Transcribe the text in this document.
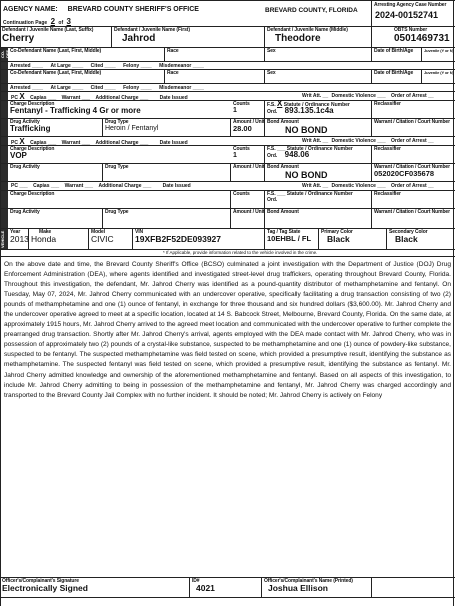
AGENCY NAME: BREVARD COUNTY SHERIFF'S OFFICE
Continuation Page 2 of 3
BREVARD COUNTY, FLORIDA
Arresting Agency Case Number
2024-00152741
Defendant / Juvenile Name (Last, Suffix)
Cherry
Defendant / Juvenile Name (First)
Jahrod
Defendant / Juvenile Name (Middle)
Theodore
OBTS Number
0501469731
CO-DEF Co-Defendant Name (Last, First, Middle)	Race	Sex	Date of Birth/Age	Juvenile (Y or N)
Arrested ____ At Large ____ Cited ____ Felony ____ Misdemeanor ____
Co-Defendant Name (Last, First, Middle)	Race	Sex	Date of Birth/Age	Juvenile (Y or N)
Arrested ____ At Large ____ Cited ____ Felony ____ Misdemeanor ____
PC X Capias ___ Warrant ___ Additional Charge ___ Date Issued	Writ Att. __ Domestic Violence ___ Order of Arrest __
Charge Description
Fentanyl - Trafficking 4 Gr or more
Counts
1
F.S. X Statute / Ordinance Number
Ord. 893.135.1c4a
Reclassifier
Drug Activity
Trafficking
Drug Type
Heroin / Fentanyl
Amount / Unit
28.00
Bond Amount
NO BOND
Warrant / Citation / Court Number
PC X Capias ___ Warrant ___ Additional Charge ___ Date Issued	Writ Att. __ Domestic Violence ___ Order of Arrest __
Charge Description
VOP
Counts
1
F.S. ___ Statute / Ordinance Number
Ord. 948.06
Reclassifier
Drug Activity	Drug Type	Amount / Unit Bond Amount
NO BOND
Warrant / Citation / Court Number
052020CF035678
PC ___ Capias ___ Warrant ___ Additional Charge ___ Date Issued	Writ Att. __ Domestic Violence ___ Order of Arrest __
Charge Description	Counts	F.S. ___ Statute / Ordinance Number
Ord.
Reclassifier
Drug Activity	Drug Type	Amount / Unit Bond Amount	Warrant / Citation / Court Number
VEHICLE	Year
2013
Make
Honda
Model
CIVIC
VIN
19XFB2F52DE093927
Tag / Tag State
10EHBL / FL
Primary Color
Black
Secondary Color
Black
* If Applicable, provide information related to the vehicle involved in the crime.
On the above date and time, the Brevard County Sheriff's Office (BCSO) culminated a joint investigation with the Department of Justice (DOJ) Drug Enforcement Administration (DEA), where agents identified and investigated street-level drug traffickers, operating throughout Brevard County, Florida. Throughout this investigation, the defendant, Mr. Jahrod Cherry was identified as a pound-quantity distributor of methamphetamine and fentanyl. On Tuesday, May 07, 2024, Mr. Jahrod Cherry communicated with an undercover operative, specifically facilitating a drug transaction consisting of two (2) pounds of methamphetamine and one (1) ounce of fentanyl, in exchange for three thousand and six hundred dollars ($3,600.00). Mr. Jahrod Cherry and the undercover operative agreed to meet at a specific location, located at 14 S. Babcock Street, Melbourne, Brevard County, Florida. On the same date, at approximately 1915 hours, Mr. Jahrod Cherry arrived to the agreed meet location and communicated with the undercover operative to further complete the prearranged drug transaction. Shortly after Mr. Jahrod Cherry's arrival, agents employed with the DEA made contact with Mr. Jahrod Cherry, who was in possession of approximately two (2) pounds of a crystal-like substance, suspected to be methamphetamine and one (1) ounce of powdery-like substance, suspected to be fentanyl. The suspected methamphetamine was field tested on scene, which provided a presumptive result, identifying the substance as methamphetamine. The suspected fentanyl was field tested on scene, which provided a presumptive result, identifying the substance as fentanyl. Mr. Jahrod Cherry admitted knowledge and ownership of the aforementioned methamphetamine and fentanyl. Based on all aspects of this investigation, to include Mr. Jahrod Cherry admitting to being in possession of the methamphetamine and fentanyl, Mr. Jahrod Cherry was charged accordingly and transported to the Brevard County Jail Complex with no further incident. It should be noted; Mr. Jahrod Cherry is actively on Felony
Officer's/Complainant's Signature
Electronically Signed
ID#
4021
Officer's/Complainant's Name (Printed)
Joshua Ellison
